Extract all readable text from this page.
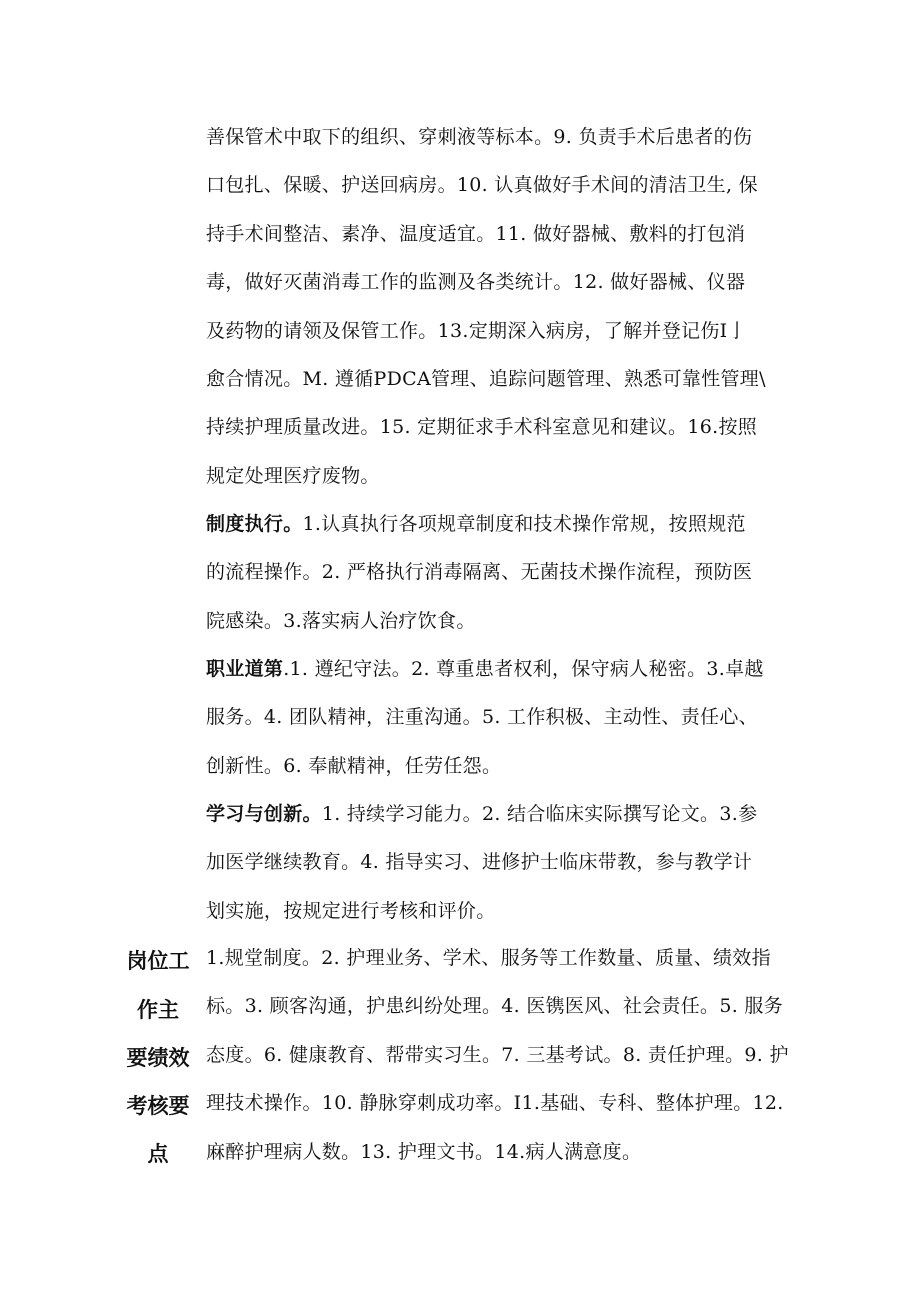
善保管术中取下的组织、穿刺液等标本。9. 负责手术后患者的伤
口包扎、保暖、护送回病房。10. 认真做好手术间的清洁卫生, 保
持手术间整洁、素净、温度适宜。11. 做好器械、敷料的打包消
毒，做好灭菌消毒工作的监测及各类统计。12. 做好器械、仪器
及药物的请领及保管工作。13.定期深入病房，了解并登记伤I亅
愈合情况。M. 遵循PDCA管理、追踪问题管理、熟悉可靠性管理\
持续护理质量改进。15. 定期征求手术科室意见和建议。16.按照
规定处理医疗废物。
制度执行。1.认真执行各项规章制度和技术操作常规，按照规范
的流程操作。2. 严格执行消毒隔离、无菌技术操作流程，预防医
院感染。3.落实病人治疗饮食。
职业道第.1. 遵纪守法。2. 尊重患者权利，保守病人秘密。3.卓越
服务。4. 团队精神，注重沟通。5. 工作积极、主动性、责任心、
创新性。6. 奉献精神，任劳任怨。
学习与创新。1. 持续学习能力。2. 结合临床实际撰写论文。3.参
加医学继续教育。4. 指导实习、进修护士临床带教，参与教学计
划实施，按规定进行考核和评价。
岗位工
作主
要绩效
考核要
点
1.规堂制度。2. 护理业务、学术、服务等工作数量、质量、绩效指
标。3. 顾客沟通，护患纠纷处理。4. 医镌医风、社会责任。5. 服务
态度。6. 健康教育、帮带实习生。7. 三基考试。8. 责任护理。9. 护
理技术操作。10. 静脉穿刺成功率。I1.基础、专科、整体护理。12.
麻醉护理病人数。13. 护理文书。14.病人满意度。
